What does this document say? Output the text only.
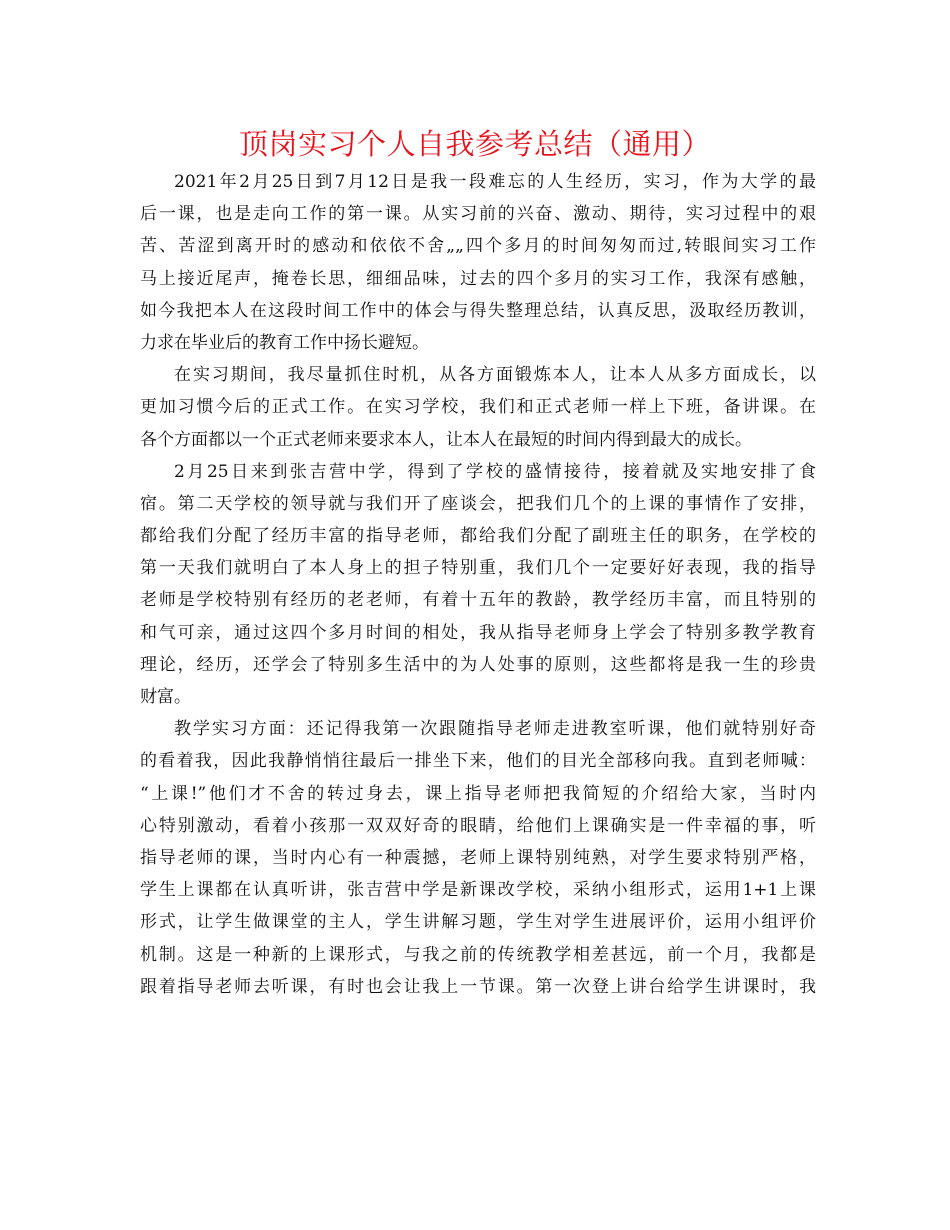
顶岗实习个人自我参考总结（通用）
2021年2月25日到7月12日是我一段难忘的人生经历，实习，作为大学的最
后一课，也是走向工作的第一课。从实习前的兴奋、激动、期待，实习过程中的艰
苦、苦涩到离开时的感动和依依不舍„„四个多月的时间匆匆而过,转眼间实习工作
马上接近尾声，掩卷长思，细细品味，过去的四个多月的实习工作，我深有感触，
如今我把本人在这段时间工作中的体会与得失整理总结，认真反思，汲取经历教训，
力求在毕业后的教育工作中扬长避短。
在实习期间，我尽量抓住时机，从各方面锻炼本人，让本人从多方面成长，以
更加习惯今后的正式工作。在实习学校，我们和正式老师一样上下班，备讲课。在
各个方面都以一个正式老师来要求本人，让本人在最短的时间内得到最大的成长。
2月25日来到张吉营中学，得到了学校的盛情接待，接着就及实地安排了食
宿。第二天学校的领导就与我们开了座谈会，把我们几个的上课的事情作了安排，
都给我们分配了经历丰富的指导老师，都给我们分配了副班主任的职务，在学校的
第一天我们就明白了本人身上的担子特别重，我们几个一定要好好表现，我的指导
老师是学校特别有经历的老老师，有着十五年的教龄，教学经历丰富，而且特别的
和气可亲，通过这四个多月时间的相处，我从指导老师身上学会了特别多教学教育
理论，经历，还学会了特别多生活中的为人处事的原则，这些都将是我一生的珍贵
财富。
教学实习方面：还记得我第一次跟随指导老师走进教室听课，他们就特别好奇
的看着我，因此我静悄悄往最后一排坐下来，他们的目光全部移向我。直到老师喊：
“上课!”他们才不舍的转过身去，课上指导老师把我简短的介绍给大家，当时内
心特别激动，看着小孩那一双双好奇的眼睛，给他们上课确实是一件幸福的事，听
指导老师的课，当时内心有一种震撼，老师上课特别纯熟，对学生要求特别严格，
学生上课都在认真听讲，张吉营中学是新课改学校，采纳小组形式，运用1+1上课
形式，让学生做课堂的主人，学生讲解习题，学生对学生进展评价，运用小组评价
机制。这是一种新的上课形式，与我之前的传统教学相差甚远，前一个月，我都是
跟着指导老师去听课，有时也会让我上一节课。第一次登上讲台给学生讲课时，我
